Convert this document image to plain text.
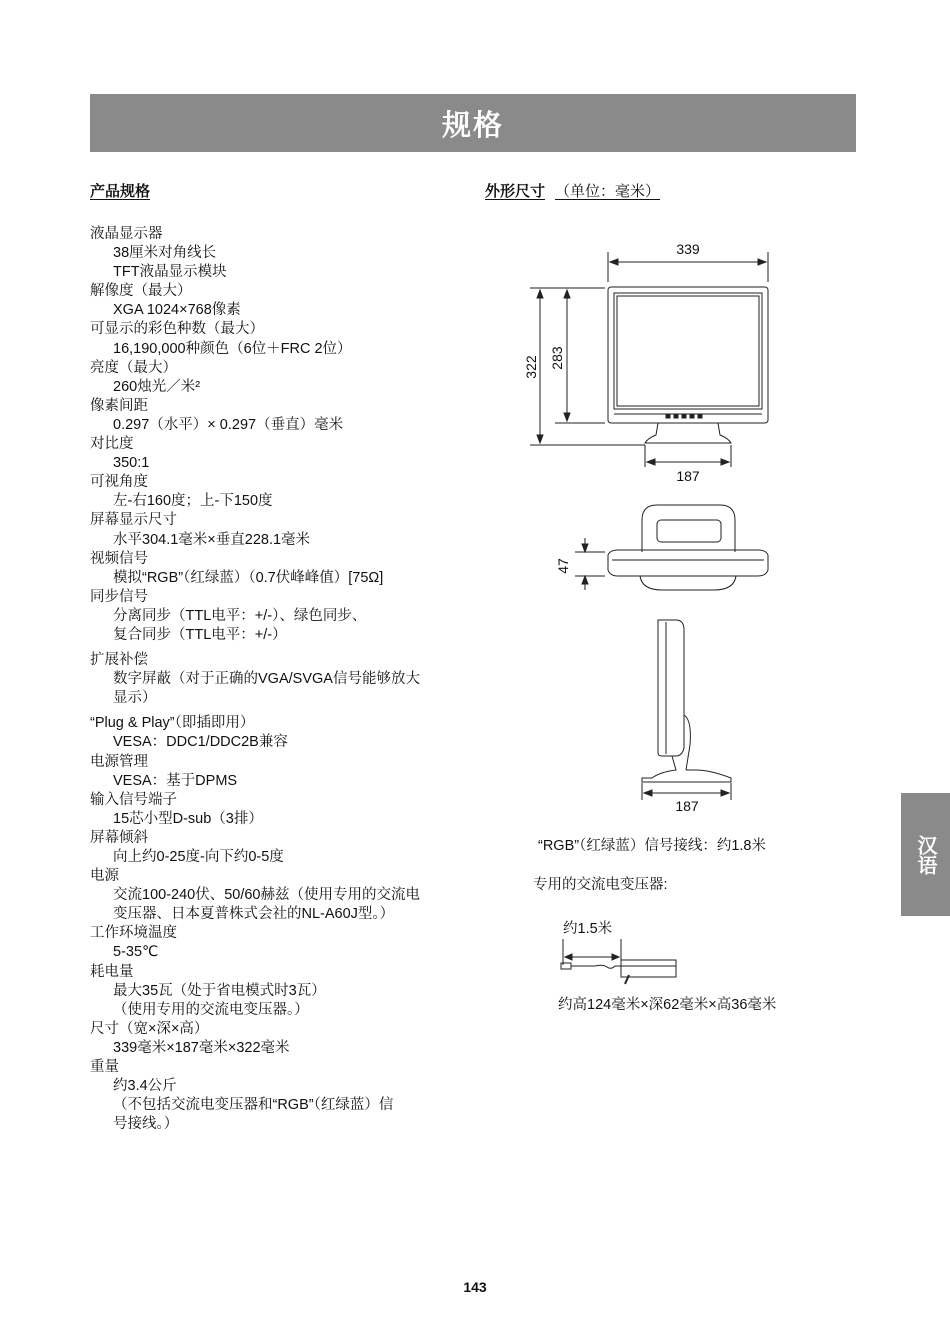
规格
产品规格	外形尺寸 （单位：毫米）
液晶显示器
38厘米对角线长
TFT液晶显示模块
解像度（最大）
XGA 1024×768像素
可显示的彩色种数（最大）
16,190,000种颜色（6位＋FRC 2位）
亮度（最大）
260烛光／米²
像素间距
0.297（水平）× 0.297（垂直）毫米
对比度
350:1
可视角度
左-右160度；上-下150度
屏幕显示尺寸
水平304.1毫米×垂直228.1毫米
视频信号
模拟“RGB”（红绿蓝）（0.7伏峰峰值）[75Ω]
同步信号
分离同步（TTL电平：+/-）、绿色同步、
复合同步（TTL电平：+/-）
扩展补偿
数字屏蔽（对于正确的VGA/SVGA信号能够放大
显示）
“Plug & Play”（即插即用）
VESA：DDC1/DDC2B兼容
电源管理
VESA：基于DPMS
输入信号端子
15芯小型D-sub（3排）
屏幕倾斜
向上约0-25度-向下约0-5度
电源
交流100-240伏、50/60赫兹（使用专用的交流电
变压器、日本夏普株式会社的NL-A60J型。）
工作环境温度
5-35℃
耗电量
最大35瓦（处于省电模式时3瓦）
（使用专用的交流电变压器。）
尺寸（宽×深×高）
339毫米×187毫米×322毫米
重量
约3.4公斤
（不包括交流电变压器和“RGB”（红绿蓝）信
号接线。）
339
322 283
187
47
187
“RGB”（红绿蓝）信号接线：约1.8米
专用的交流电变压器:
约1.5米
约高124毫米×深62毫米×高36毫米
汉语
143
